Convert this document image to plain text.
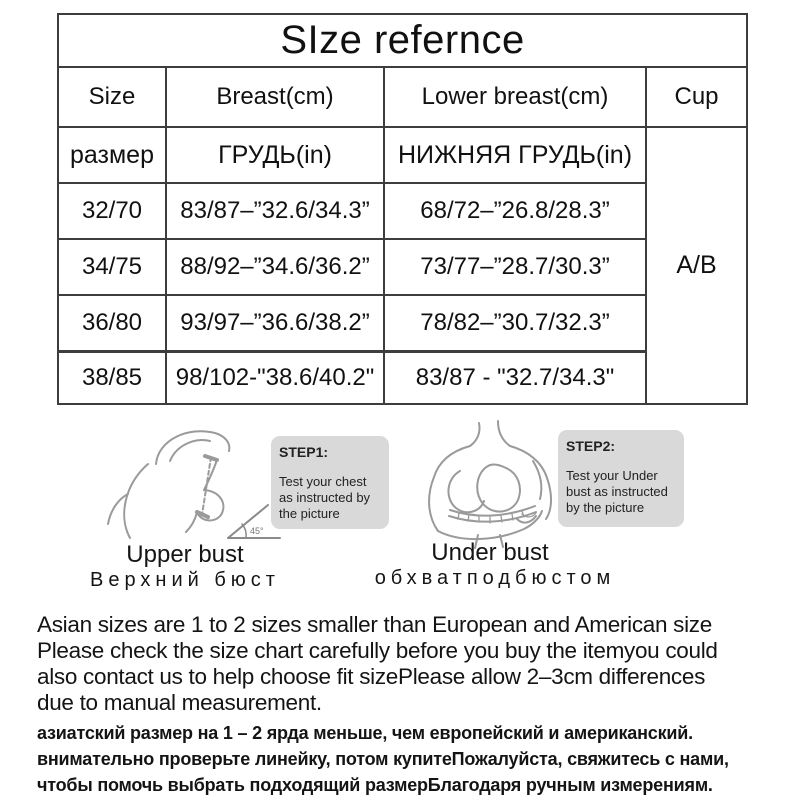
SIze refernce			
Size	Breast(cm)	Lower breast(cm)	Cup
размер	ГРУДЬ(in)	НИЖНЯЯ ГРУДЬ(in)	A/B
32/70	83/87–”32.6/34.3”	68/72–”26.8/28.3”	
34/75	88/92–”34.6/36.2”	73/77–”28.7/30.3”	
36/80	93/97–”36.6/38.2”	78/82–”30.7/32.3”	
38/85	98/102-"38.6/40.2"	83/87 - "32.7/34.3"	
45°
STEP1:
Test your chest as instructed by the picture
STEP2:
Test your Under bust as instructed by the picture
Upper bust
Верхний бюст
Under bust
обхватподбюстом
Asian sizes are 1 to 2 sizes smaller than European and American size
Please check the size chart carefully before you buy the itemyou could
also contact us to help choose fit sizePlease allow 2–3cm differences
due to manual measurement.
азиатский размер на 1 – 2 ярда меньше, чем европейский и американский.
внимательно проверьте линейку, потом купитеПожалуйста, свяжитесь с нами,
чтобы помочь выбрать подходящий размерБлагодаря ручным измерениям.
